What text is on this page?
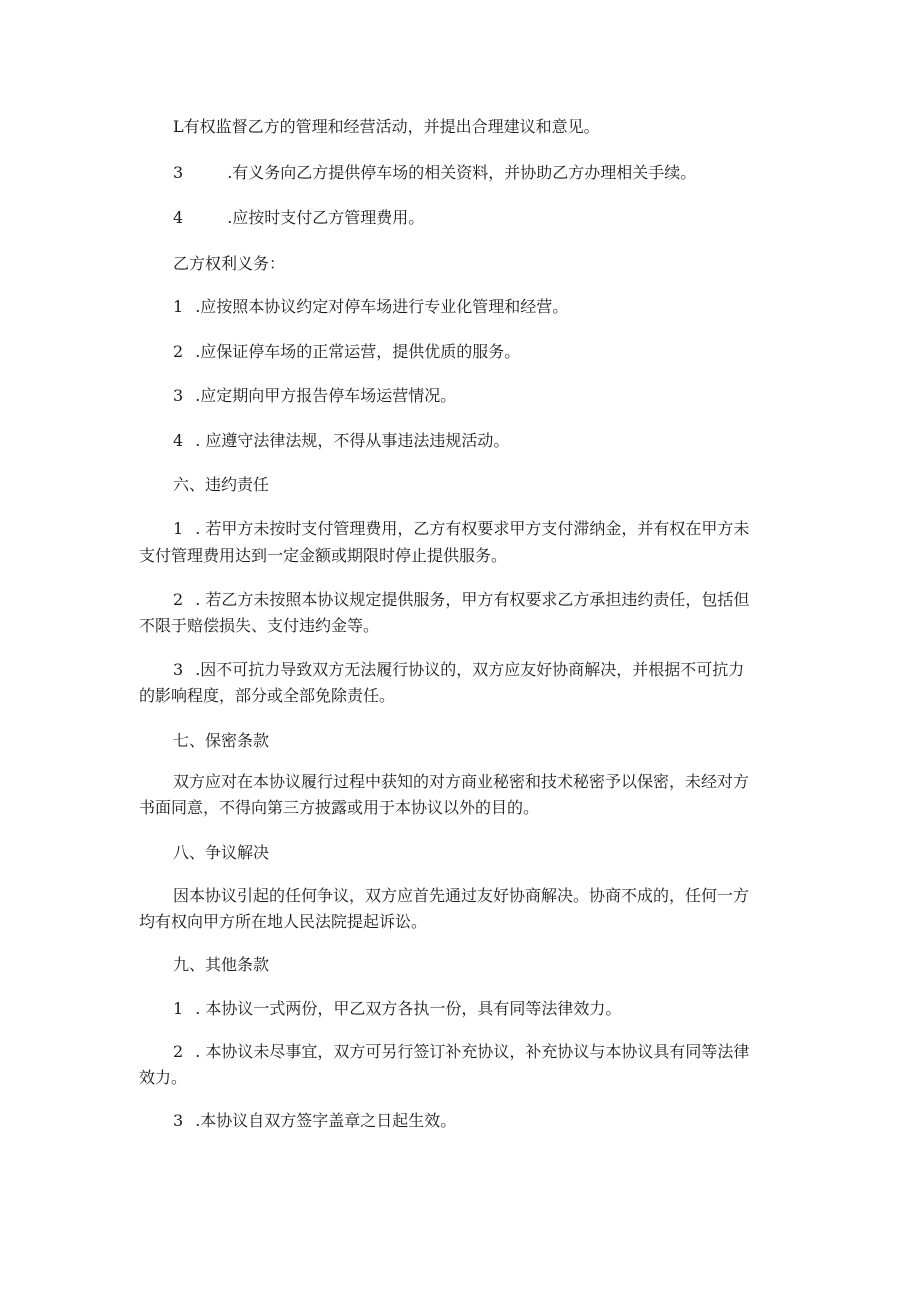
L有权监督乙方的管理和经营活动，并提出合理建议和意见。
3	.有义务向乙方提供停车场的相关资料，并协助乙方办理相关手续。
4	.应按时支付乙方管理费用。
乙方权利义务：
1 .应按照本协议约定对停车场进行专业化管理和经营。
2 .应保证停车场的正常运营，提供优质的服务。
3 .应定期向甲方报告停车场运营情况。
4 . 应遵守法律法规，不得从事违法违规活动。
六、违约责任
1 . 若甲方未按时支付管理费用，乙方有权要求甲方支付滞纳金，并有权在甲方未
支付管理费用达到一定金额或期限时停止提供服务。
2 . 若乙方未按照本协议规定提供服务，甲方有权要求乙方承担违约责任，包括但
不限于赔偿损失、支付违约金等。
3 .因不可抗力导致双方无法履行协议的，双方应友好协商解决，并根据不可抗力
的影响程度，部分或全部免除责任。
七、保密条款
双方应对在本协议履行过程中获知的对方商业秘密和技术秘密予以保密，未经对方
书面同意，不得向第三方披露或用于本协议以外的目的。
八、争议解决
因本协议引起的任何争议，双方应首先通过友好协商解决。协商不成的，任何一方
均有权向甲方所在地人民法院提起诉讼。
九、其他条款
1 . 本协议一式两份，甲乙双方各执一份，具有同等法律效力。
2 . 本协议未尽事宜，双方可另行签订补充协议，补充协议与本协议具有同等法律
效力。
3 .本协议自双方签字盖章之日起生效。
